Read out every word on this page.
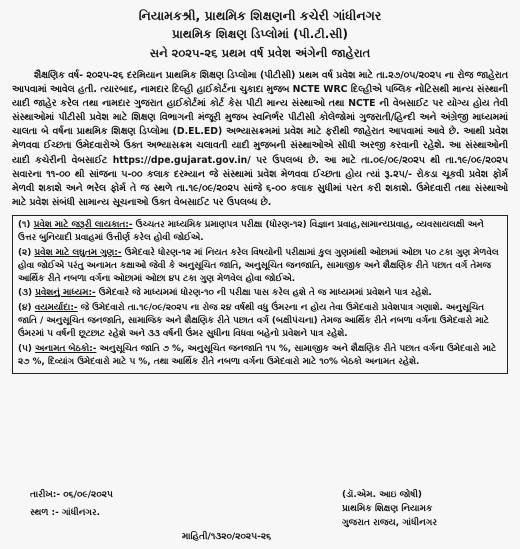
નિયામકશ્રી, પ્રાથમિક શિક્ષણની કચેરી ગાંધીનગર
પ્રાથમિક શિક્ષણ ડિપ્લોમાં (પી.ટી.સી)
સને ૨૦૨૫-૨૬ પ્રથમ વર્ષ પ્રવેશ અંગેની જાહેરાત
શૈક્ષણિક વર્ષ- ૨૦૨૫-૨૬ દરમિયાન પ્રાથમિક શિક્ષણ ડિપ્લોમા (પીટીસી) પ્રથમ વર્ષ પ્રવેશ માટે તા.૨૭/૦૫/૨૦૨૫ ના રોજ જાહેરાત આપવામાં આવેલ હતી. ત્યારબાદ, નામદાર દિલ્હી હાઈકોર્ટના ચુકાદા મુજબ NCTE WRC દિલ્હીએ પબ્લિક નોટિસથી માન્ય સંસ્થાની યાદી જાહેર કરેલ તથા નામદાર ગુજરાત હાઈકોર્ટમાં કોર્ટ કેસ પીટી માન્ય સંસ્થાઓ તથા NCTE ની વેબસાઈટ પર યોગ્ય હોય તેવી સંસ્થાઓમાં પીટીસી પ્રવેશ માટે શિક્ષણ વિભાગની મંજૂરી મુજબ સ્વનિર્ભર પીટીસી કોલેજોમાં ગુજરાતી/હિન્દી અને અંગ્રેજી માધ્યમમાં ચાલતા બે વર્ષના પ્રાથમિક શિક્ષણ ડિપ્લોમા (D.EL.ED) અભ્યાસક્રમમાં પ્રવેશ માટે ફરીથી જાહેરાત આપવામાં આવે છે. આથી પ્રવેશ મેળવવા ઈચ્છતા ઉમેદવારોએ ઉક્ત અભ્યાસક્રમ ચલાવતી યાદી મુજબની સંસ્થાઓએ સીધી અરજી કરવાની રહેશે. આ સંસ્થાઓની યાદી કચેરીની વેબસાઈટ https://dpe.gujarat.gov.in/ પર ઉપલબ્ધ છે. આ માટે તા.૦૯/૦૯/૨૦૨૫ થી તા.૧૯/૦૯/૨૦૨૫ સવારના ૧૧-૦૦ થી સાંજના ૫-૦૦ કલાક દરમ્યાન જે સંસ્થામાં પ્રવેશ મેળવવા ઈચ્છતા હોય ત્યાં રૂ.૨૫/- રોકડા ચૂકવી પ્રવેશ ફોર્મ મેળવી શકાશે અને ભરેલ ફોર્મ તે જ સ્થળે તા.૧૯/૦૯/૨૦૨૫ સાંજે ૬-૦૦ કલાક સુધીમાં પરત કરી શકાશે. ઉમેદવારી તથા સંસ્થાઓ માટે પ્રવેશ સંબંધી સામાન્ય સૂચનાઓ ઉક્ત વેબસાઈટ પર ઉપલબ્ધ છે.
(૧) પ્રવેશ માટે જરૂરી લાયકાત:- ઉચ્ચતર માધ્યમિક પ્રમાણપત્ર પરીક્ષા (ધોરણ-૧૨) વિજ્ઞાન પ્રવાહ,સામાન્યપ્રવાહ, વ્યવસાયલક્ષી અને ઉત્તર બુનિયાદી પ્રવાહમાં ઉત્તીર્ણ કરેલ હોવી જોઈએ.
(૨) પ્રવેશ માટે લઘુતમ ગુણ:- ઉમેદવારે ધોરણ-૧૨ માં નિયત કરેલ વિષયોની પરીક્ષામાં કુલ ગુણમાંથી ઓછામાં ઓછા ૫૦ ટકા ગુણ મેળવેલ હોવા જોઈએ પરંતુ અનામત કક્ષાઓ જેવી કે અનુસૂચિત જાતિ, અનુસૂચિત જનજાતિ, સામાજીક અને શૈક્ષણિક રીતે પછાત વર્ગ તેમજ આર્થિક રીતે નબળા વર્ગના ઓછામાં ઓછા ૪૫ ટકા ગુણ મેળવેલ હોવા જોઈએ.
(૩) પ્રવેશનું માધ્યમ:- ઉમેદવારે જે માધ્યમમાં ધોરણ-૧૦ ની પરીક્ષા પાસ કરેલ હશે તે જ માધ્યમમાં પ્રવેશને પાત્ર રહેશે.
(૪) વયમર્યાદા:- જે ઉમેદવારો તા.૧૯/૦૯/૨૦૨૫ ના રોજ ૨૪ વર્ષથી વધુ ઉંમરના ન હોય તેવા ઉમેદવારો પ્રવેશપાત્ર ગણાશે. અનુસૂચિત જાતિ / અનુસૂચિત જનજાતિ, સામાજિક અને શૈક્ષણિક રીતે પછાત વર્ગ (બક્ષીપંચના) તેમજ આર્થિક રીતે નબળા વર્ગના ઉમેદવારો માટે ઉંમરમાં ૫ વર્ષની છૂટછાટ રહેશે અને ૩૩ વર્ષની ઉંમર સુધીના વિધવા બહેનો પ્રવેશને પાત્ર રહેશે.
(૫) અનામત બેઠકો:- અનુસૂચિત જાતિ ૭ %, અનુસૂચિત જનજાતિ ૧૫ %, સામાજીક અને શૈક્ષણિક રીતે પછાત વર્ગના ઉમેદવારો માટે ૨૭ %, દિવ્યાંગ ઉમેદવારો માટે ૫ %, તથા આર્થિક રીતે નબળા વર્ગના ઉમેદવારો માટે ૧૦% બેઠકો અનામત રહેશે.
તારીખ:- ૦૬/૦૯/૨૦૨૫
સ્થળ :- ગાંધીનગર.
(ડૉ.એમ. આઇ જોષી)
પ્રાથમિક શિક્ષણ નિયામક
ગુજરાત રાજય, ગાંધીનગર
માહિતી/૧૩૨૦/૨૦૨૫-૨૬
